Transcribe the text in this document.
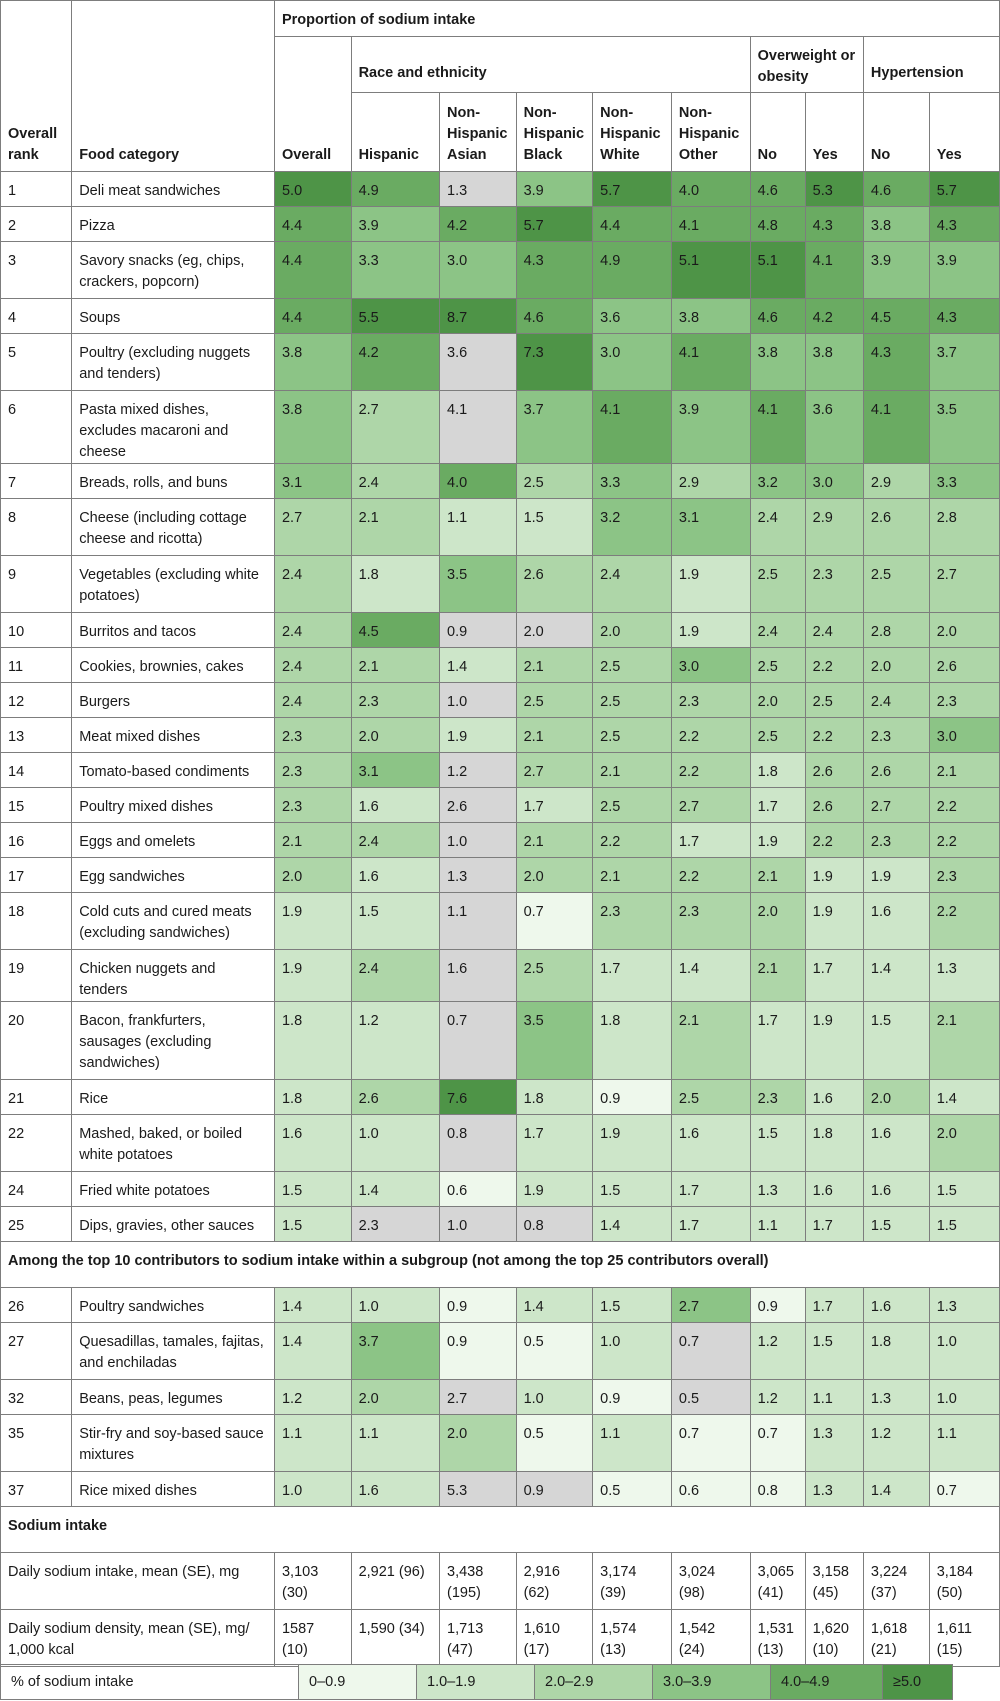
Overall rank	Food category	Proportion of sodium intake									
		Overall	Race and ethnicity					Overweight or obesity		Hypertension	
			Hispanic	Non-Hispanic Asian	Non-Hispanic Black	Non-Hispanic White	Non-Hispanic Other	No	Yes	No	Yes
1	Deli meat sandwiches	5.0	4.9	1.3	3.9	5.7	4.0	4.6	5.3	4.6	5.7
2	Pizza	4.4	3.9	4.2	5.7	4.4	4.1	4.8	4.3	3.8	4.3
3	Savory snacks (eg, chips, crackers, popcorn)	4.4	3.3	3.0	4.3	4.9	5.1	5.1	4.1	3.9	3.9
4	Soups	4.4	5.5	8.7	4.6	3.6	3.8	4.6	4.2	4.5	4.3
5	Poultry (excluding nuggets and tenders)	3.8	4.2	3.6	7.3	3.0	4.1	3.8	3.8	4.3	3.7
6	Pasta mixed dishes, excludes macaroni and cheese	3.8	2.7	4.1	3.7	4.1	3.9	4.1	3.6	4.1	3.5
7	Breads, rolls, and buns	3.1	2.4	4.0	2.5	3.3	2.9	3.2	3.0	2.9	3.3
8	Cheese (including cottage cheese and ricotta)	2.7	2.1	1.1	1.5	3.2	3.1	2.4	2.9	2.6	2.8
9	Vegetables (excluding white potatoes)	2.4	1.8	3.5	2.6	2.4	1.9	2.5	2.3	2.5	2.7
10	Burritos and tacos	2.4	4.5	0.9	2.0	2.0	1.9	2.4	2.4	2.8	2.0
11	Cookies, brownies, cakes	2.4	2.1	1.4	2.1	2.5	3.0	2.5	2.2	2.0	2.6
12	Burgers	2.4	2.3	1.0	2.5	2.5	2.3	2.0	2.5	2.4	2.3
13	Meat mixed dishes	2.3	2.0	1.9	2.1	2.5	2.2	2.5	2.2	2.3	3.0
14	Tomato-based condiments	2.3	3.1	1.2	2.7	2.1	2.2	1.8	2.6	2.6	2.1
15	Poultry mixed dishes	2.3	1.6	2.6	1.7	2.5	2.7	1.7	2.6	2.7	2.2
16	Eggs and omelets	2.1	2.4	1.0	2.1	2.2	1.7	1.9	2.2	2.3	2.2
17	Egg sandwiches	2.0	1.6	1.3	2.0	2.1	2.2	2.1	1.9	1.9	2.3
18	Cold cuts and cured meats (excluding sandwiches)	1.9	1.5	1.1	0.7	2.3	2.3	2.0	1.9	1.6	2.2
19	Chicken nuggets and tenders	1.9	2.4	1.6	2.5	1.7	1.4	2.1	1.7	1.4	1.3
20	Bacon, frankfurters, sausages (excluding sandwiches)	1.8	1.2	0.7	3.5	1.8	2.1	1.7	1.9	1.5	2.1
21	Rice	1.8	2.6	7.6	1.8	0.9	2.5	2.3	1.6	2.0	1.4
22	Mashed, baked, or boiled white potatoes	1.6	1.0	0.8	1.7	1.9	1.6	1.5	1.8	1.6	2.0
24	Fried white potatoes	1.5	1.4	0.6	1.9	1.5	1.7	1.3	1.6	1.6	1.5
25	Dips, gravies, other sauces	1.5	2.3	1.0	0.8	1.4	1.7	1.1	1.7	1.5	1.5
Among the top 10 contributors to sodium intake within a subgroup (not among the top 25 contributors overall)											
26	Poultry sandwiches	1.4	1.0	0.9	1.4	1.5	2.7	0.9	1.7	1.6	1.3
27	Quesadillas, tamales, fajitas, and enchiladas	1.4	3.7	0.9	0.5	1.0	0.7	1.2	1.5	1.8	1.0
32	Beans, peas, legumes	1.2	2.0	2.7	1.0	0.9	0.5	1.2	1.1	1.3	1.0
35	Stir-fry and soy-based sauce mixtures	1.1	1.1	2.0	0.5	1.1	0.7	0.7	1.3	1.2	1.1
37	Rice mixed dishes	1.0	1.6	5.3	0.9	0.5	0.6	0.8	1.3	1.4	0.7
Sodium intake											
Daily sodium intake, mean (SE), mg		3,103 (30)	2,921 (96)	3,438 (195)	2,916 (62)	3,174 (39)	3,024 (98)	3,065 (41)	3,158 (45)	3,224 (37)	3,184 (50)
Daily sodium density, mean (SE), mg/ 1,000 kcal		1587 (10)	1,590 (34)	1,713 (47)	1,610 (17)	1,574 (13)	1,542 (24)	1,531 (13)	1,620 (10)	1,618 (21)	1,611 (15)
% of sodium intake	0–0.9	1.0–1.9	2.0–2.9	3.0–3.9	4.0–4.9	≥5.0
